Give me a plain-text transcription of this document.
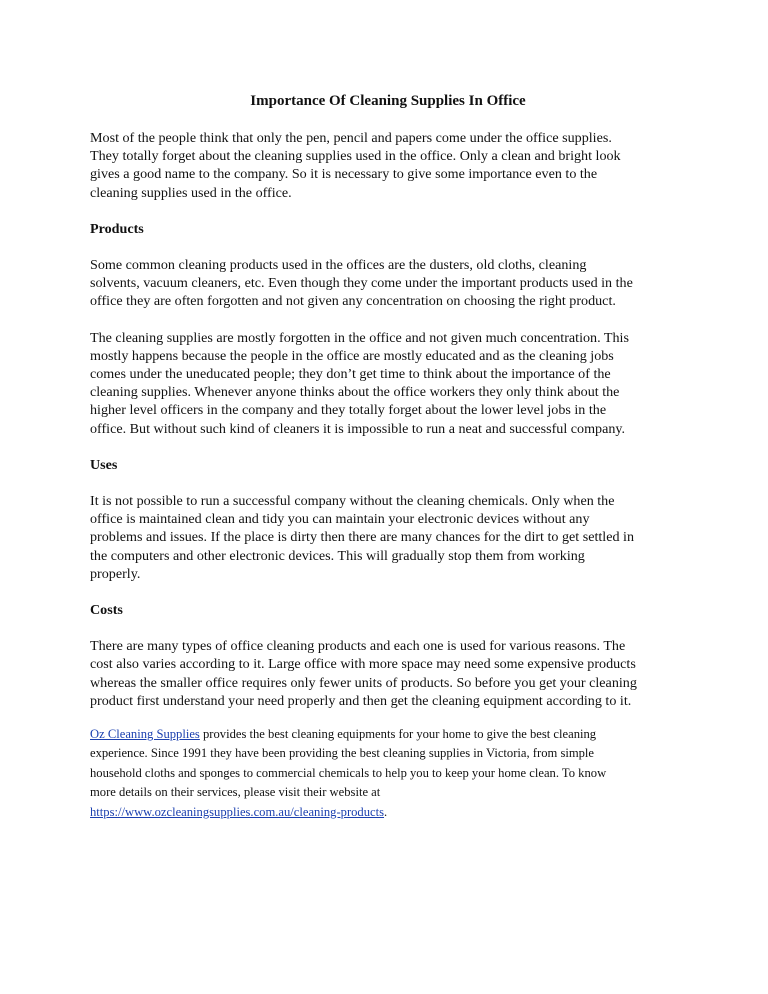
Importance Of Cleaning Supplies In Office
Most of the people think that only the pen, pencil and papers come under the office supplies.
They totally forget about the cleaning supplies used in the office. Only a clean and bright look
gives a good name to the company. So it is necessary to give some importance even to the
cleaning supplies used in the office.
Products
Some common cleaning products used in the offices are the dusters, old cloths, cleaning
solvents, vacuum cleaners, etc. Even though they come under the important products used in the
office they are often forgotten and not given any concentration on choosing the right product.
The cleaning supplies are mostly forgotten in the office and not given much concentration. This
mostly happens because the people in the office are mostly educated and as the cleaning jobs
comes under the uneducated people; they don’t get time to think about the importance of the
cleaning supplies. Whenever anyone thinks about the office workers they only think about the
higher level officers in the company and they totally forget about the lower level jobs in the
office. But without such kind of cleaners it is impossible to run a neat and successful company.
Uses
It is not possible to run a successful company without the cleaning chemicals. Only when the
office is maintained clean and tidy you can maintain your electronic devices without any
problems and issues. If the place is dirty then there are many chances for the dirt to get settled in
the computers and other electronic devices. This will gradually stop them from working
properly.
Costs
There are many types of office cleaning products and each one is used for various reasons. The
cost also varies according to it. Large office with more space may need some expensive products
whereas the smaller office requires only fewer units of products. So before you get your cleaning
product first understand your need properly and then get the cleaning equipment according to it.
Oz Cleaning Supplies provides the best cleaning equipments for your home to give the best cleaning
experience. Since 1991 they have been providing the best cleaning supplies in Victoria, from simple
household cloths and sponges to commercial chemicals to help you to keep your home clean. To know
more details on their services, please visit their website at
https://www.ozcleaningsupplies.com.au/cleaning-products.
